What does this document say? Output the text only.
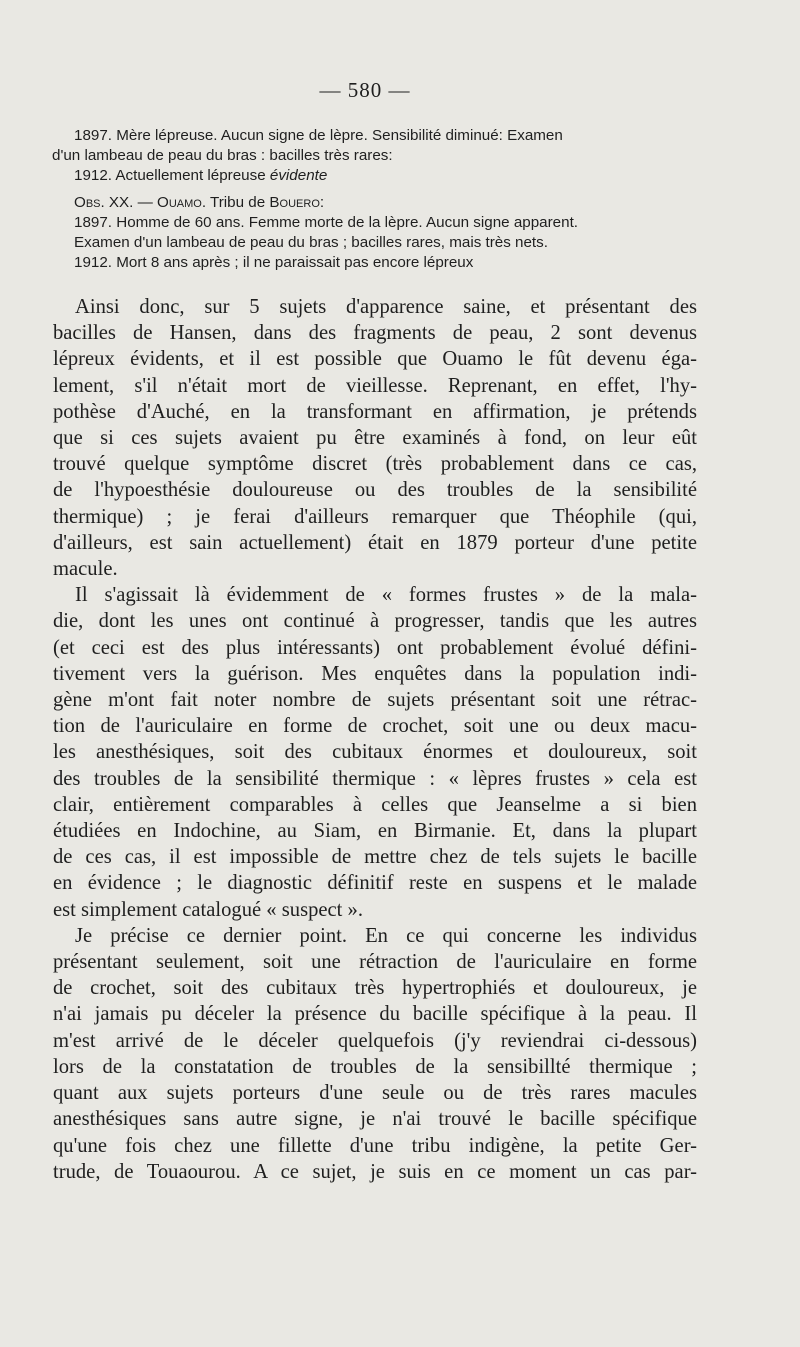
— 580 —
1897. Mère lépreuse. Aucun signe de lèpre. Sensibilité diminué: Examen
d'un lambeau de peau du bras : bacilles très rares:
1912. Actuellement lépreuse évidente
Obs. XX. — Ouamo. Tribu de Bouero:
1897. Homme de 60 ans. Femme morte de la lèpre. Aucun signe apparent.
Examen d'un lambeau de peau du bras ; bacilles rares, mais très nets.
1912. Mort 8 ans après ; il ne paraissait pas encore lépreux
Ainsi donc, sur 5 sujets d'apparence saine, et présentant des
bacilles de Hansen, dans des fragments de peau, 2 sont devenus
lépreux évidents, et il est possible que Ouamo le fût devenu éga-
lement, s'il n'était mort de vieillesse. Reprenant, en effet, l'hy-
pothèse d'Auché, en la transformant en affirmation, je prétends
que si ces sujets avaient pu être examinés à fond, on leur eût
trouvé quelque symptôme discret (très probablement dans ce cas,
de l'hypoesthésie douloureuse ou des troubles de la sensibilité
thermique) ; je ferai d'ailleurs remarquer que Théophile (qui,
d'ailleurs, est sain actuellement) était en 1879 porteur d'une petite
macule.
Il s'agissait là évidemment de « formes frustes » de la mala-
die, dont les unes ont continué à progresser, tandis que les autres
(et ceci est des plus intéressants) ont probablement évolué défini-
tivement vers la guérison. Mes enquêtes dans la population indi-
gène m'ont fait noter nombre de sujets présentant soit une rétrac-
tion de l'auriculaire en forme de crochet, soit une ou deux macu-
les anesthésiques, soit des cubitaux énormes et douloureux, soit
des troubles de la sensibilité thermique : « lèpres frustes » cela est
clair, entièrement comparables à celles que Jeanselme a si bien
étudiées en Indochine, au Siam, en Birmanie. Et, dans la plupart
de ces cas, il est impossible de mettre chez de tels sujets le bacille
en évidence ; le diagnostic définitif reste en suspens et le malade
est simplement catalogué « suspect ».
Je précise ce dernier point. En ce qui concerne les individus
présentant seulement, soit une rétraction de l'auriculaire en forme
de crochet, soit des cubitaux très hypertrophiés et douloureux, je
n'ai jamais pu déceler la présence du bacille spécifique à la peau. Il
m'est arrivé de le déceler quelquefois (j'y reviendrai ci-dessous)
lors de la constatation de troubles de la sensibillté thermique ;
quant aux sujets porteurs d'une seule ou de très rares macules
anesthésiques sans autre signe, je n'ai trouvé le bacille spécifique
qu'une fois chez une fillette d'une tribu indigène, la petite Ger-
trude, de Touaourou. A ce sujet, je suis en ce moment un cas par-
